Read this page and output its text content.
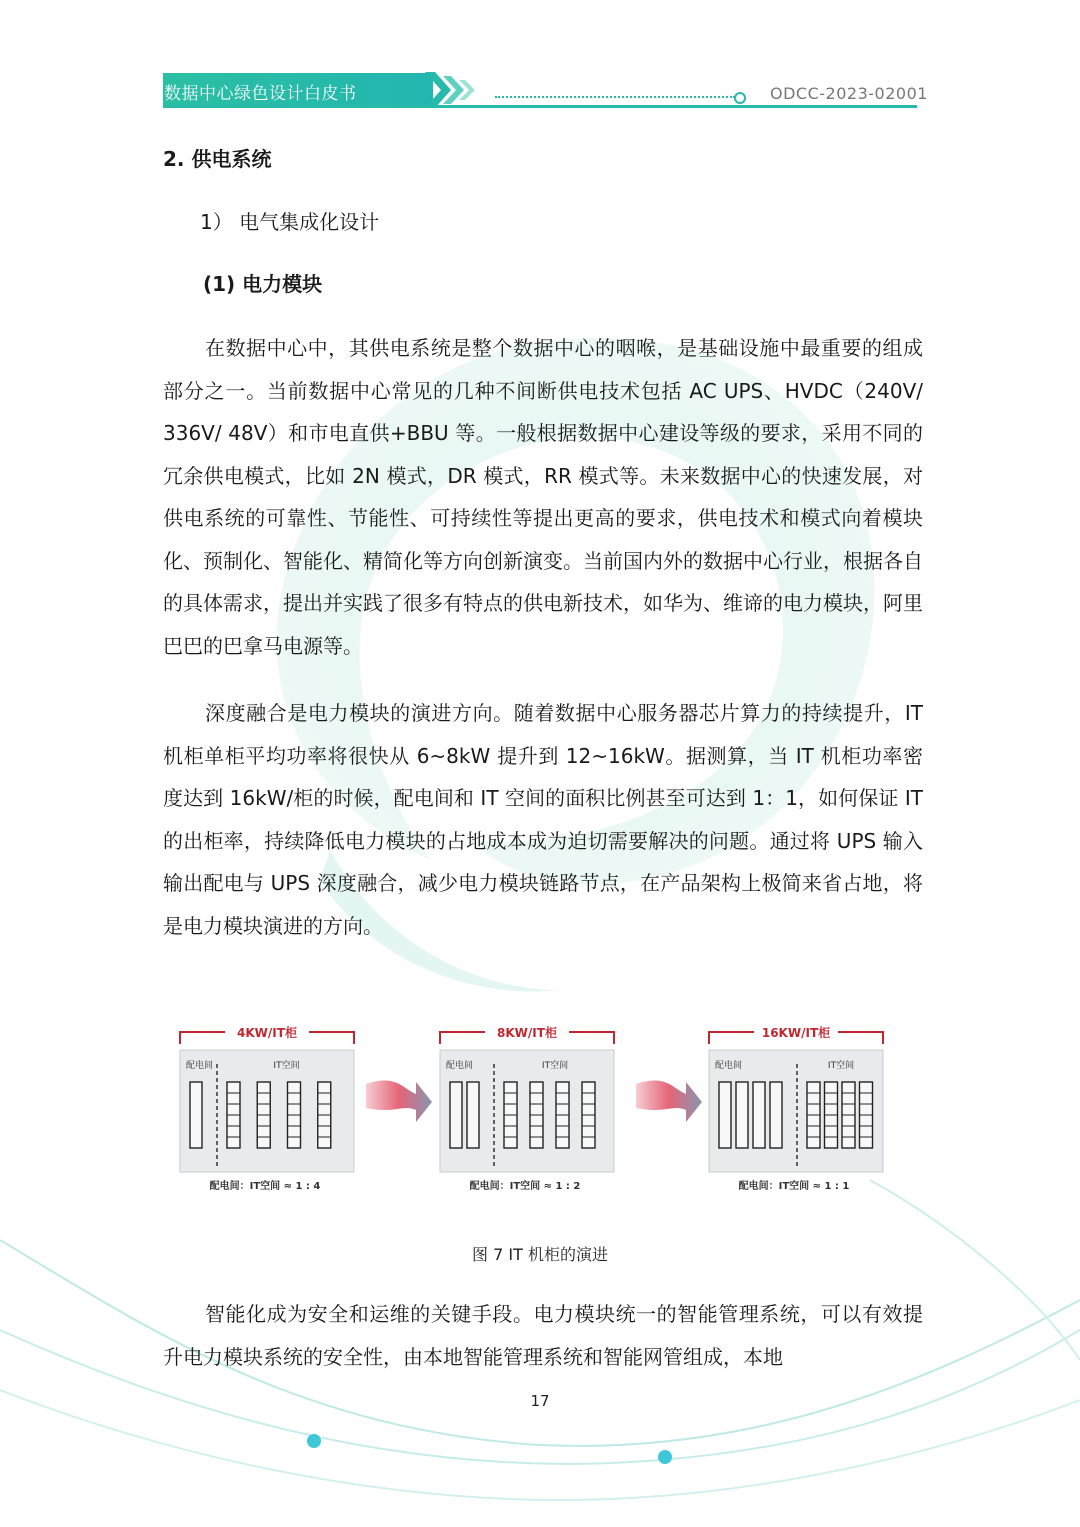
数据中心绿色设计白皮书	ODCC-2023-02001
2. 供电系统
1） 电气集成化设计
(1) 电力模块
在数据中心中，其供电系统是整个数据中心的咽喉，是基础设施中最重要的组成部分之一。当前数据中心常见的几种不间断供电技术包括 AC UPS、HVDC（240V/ 336V/ 48V）和市电直供+BBU 等。一般根据数据中心建设等级的要求，采用不同的冗余供电模式，比如 2N 模式，DR 模式，RR 模式等。未来数据中心的快速发展，对供电系统的可靠性、节能性、可持续性等提出更高的要求，供电技术和模式向着模块化、预制化、智能化、精简化等方向创新演变。当前国内外的数据中心行业，根据各自的具体需求，提出并实践了很多有特点的供电新技术，如华为、维谛的电力模块，阿里巴巴的巴拿马电源等。
深度融合是电力模块的演进方向。随着数据中心服务器芯片算力的持续提升，IT 机柜单柜平均功率将很快从 6~8kW 提升到 12~16kW。据测算，当 IT 机柜功率密度达到 16kW/柜的时候，配电间和 IT 空间的面积比例甚至可达到 1：1，如何保证 IT 的出柜率，持续降低电力模块的占地成本成为迫切需要解决的问题。通过将 UPS 输入输出配电与 UPS 深度融合，减少电力模块链路节点，在产品架构上极简来省占地，将是电力模块演进的方向。
4KW/IT柜
配电间	IT空间
配电间：IT空间 ≈ 1 : 4
8KW/IT柜
配电间	IT空间
配电间：IT空间 ≈ 1 : 2
16KW/IT柜
配电间	IT空间
配电间：IT空间 ≈ 1 : 1
图 7 IT 机柜的演进
智能化成为安全和运维的关键手段。电力模块统一的智能管理系统，可以有效提升电力模块系统的安全性，由本地智能管理系统和智能网管组成，本地
17
